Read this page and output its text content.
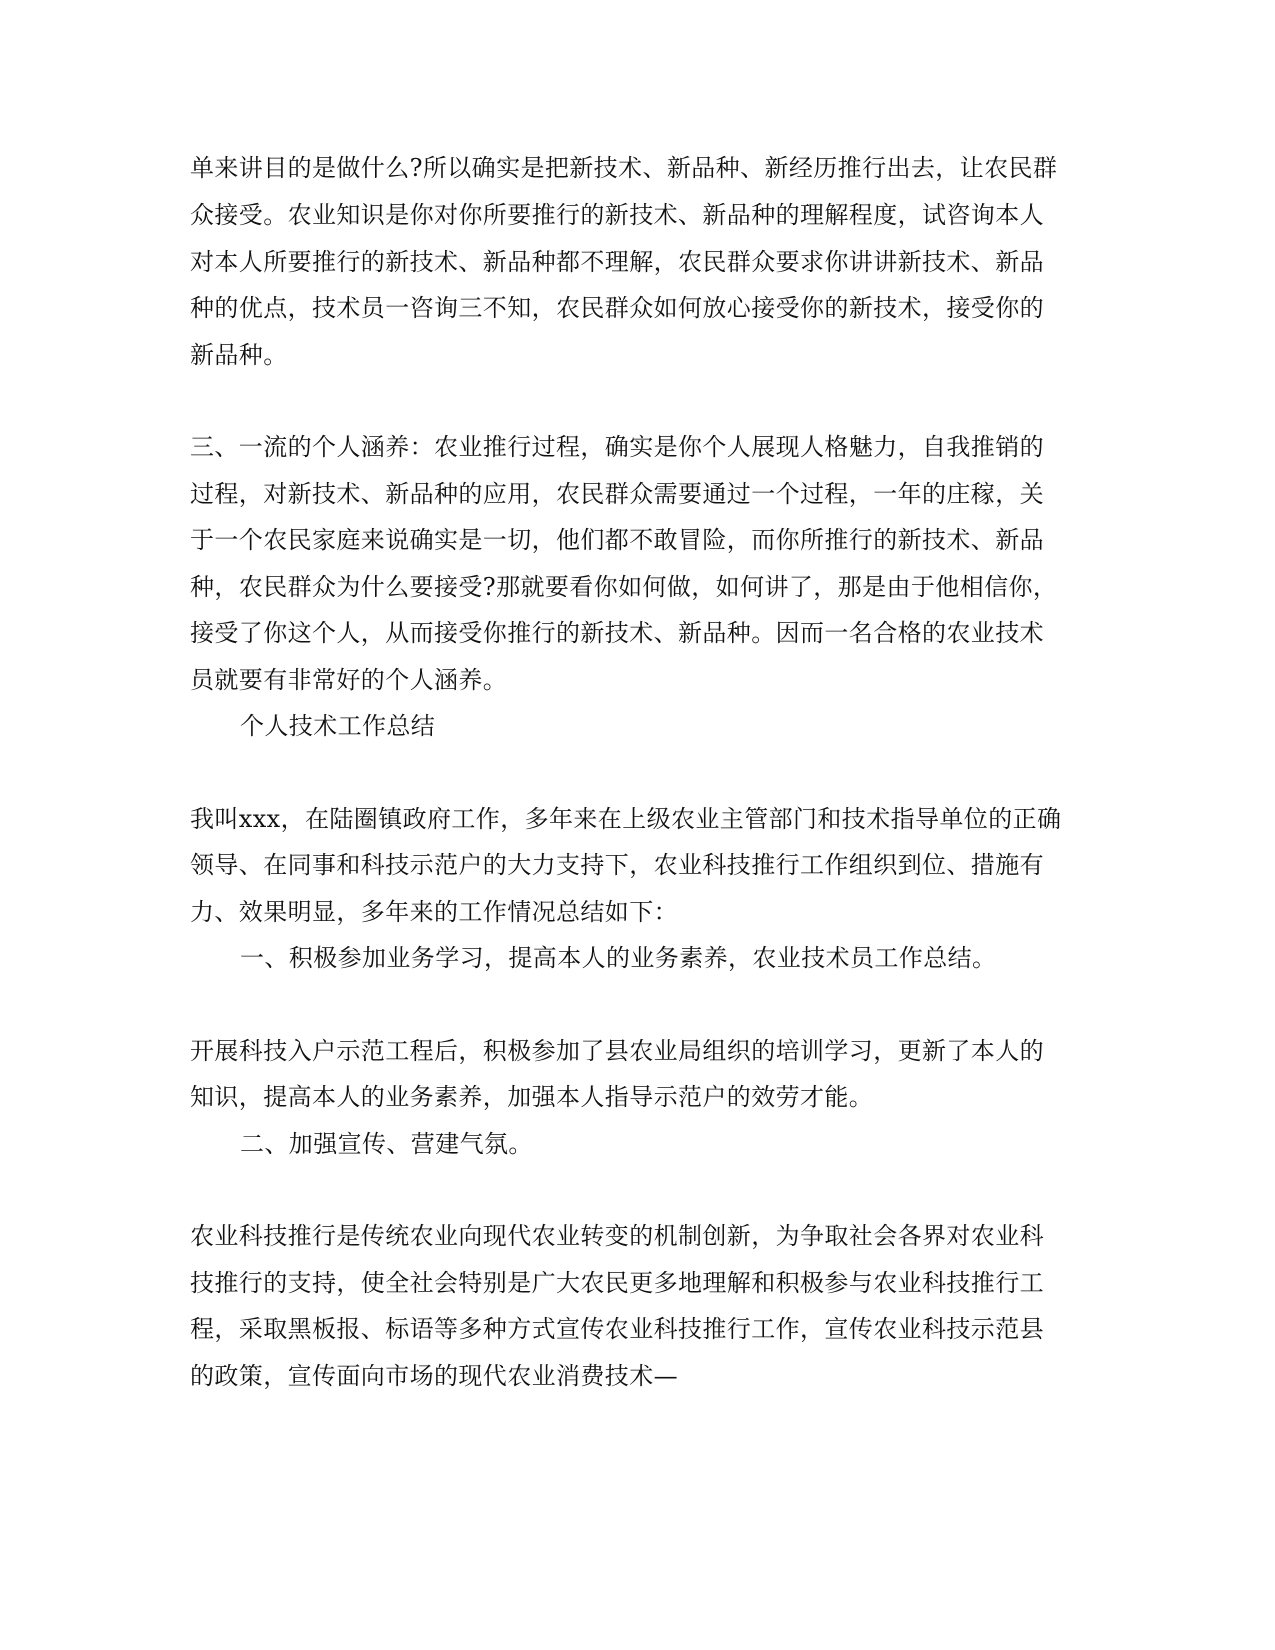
单来讲目的是做什么?所以确实是把新技术、新品种、新经历推行出去，让农民群
众接受。农业知识是你对你所要推行的新技术、新品种的理解程度，试咨询本人
对本人所要推行的新技术、新品种都不理解，农民群众要求你讲讲新技术、新品
种的优点，技术员一咨询三不知，农民群众如何放心接受你的新技术，接受你的
新品种。
三、一流的个人涵养：农业推行过程，确实是你个人展现人格魅力，自我推销的
过程，对新技术、新品种的应用，农民群众需要通过一个过程，一年的庄稼，关
于一个农民家庭来说确实是一切，他们都不敢冒险，而你所推行的新技术、新品
种，农民群众为什么要接受?那就要看你如何做，如何讲了，那是由于他相信你，
接受了你这个人，从而接受你推行的新技术、新品种。因而一名合格的农业技术
员就要有非常好的个人涵养。
个人技术工作总结
我叫xxx，在陆圈镇政府工作，多年来在上级农业主管部门和技术指导单位的正确
领导、在同事和科技示范户的大力支持下，农业科技推行工作组织到位、措施有
力、效果明显，多年来的工作情况总结如下：
一、积极参加业务学习，提高本人的业务素养，农业技术员工作总结。
开展科技入户示范工程后，积极参加了县农业局组织的培训学习，更新了本人的
知识，提高本人的业务素养，加强本人指导示范户的效劳才能。
二、加强宣传、营建气氛。
农业科技推行是传统农业向现代农业转变的机制创新，为争取社会各界对农业科
技推行的支持，使全社会特别是广大农民更多地理解和积极参与农业科技推行工
程，采取黑板报、标语等多种方式宣传农业科技推行工作，宣传农业科技示范县
的政策，宣传面向市场的现代农业消费技术—
